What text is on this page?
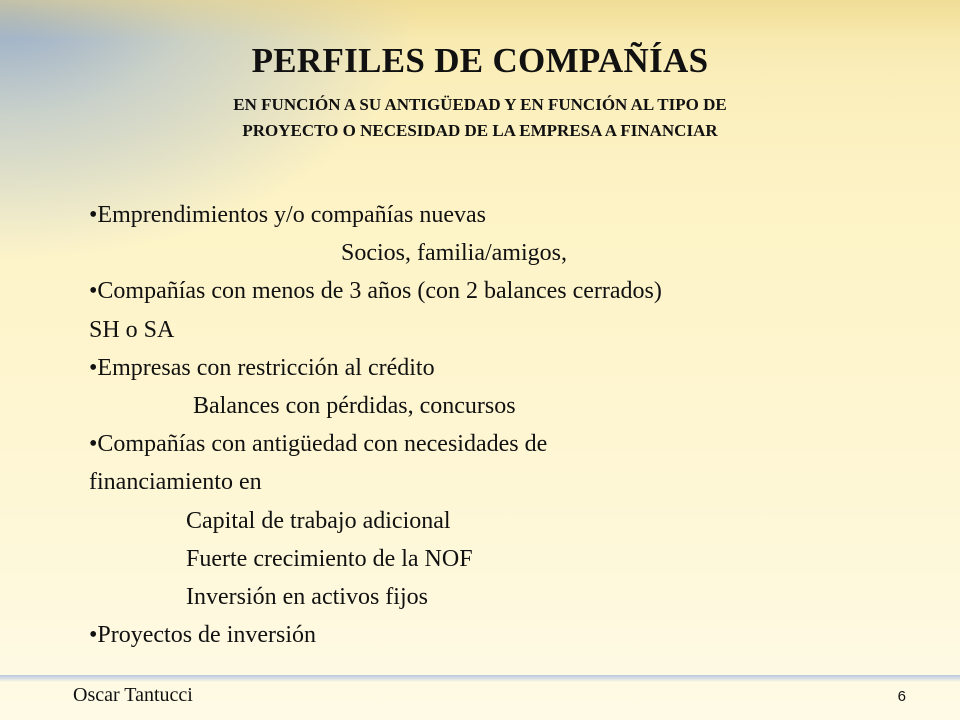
PERFILES DE COMPAÑÍAS
EN FUNCIÓN A SU ANTIGÜEDAD Y EN FUNCIÓN AL TIPO DE
PROYECTO O NECESIDAD DE LA EMPRESA A FINANCIAR
•Emprendimientos y/o compañías nuevas
Socios, familia/amigos,
•Compañías con menos de 3 años (con 2 balances cerrados)
SH o SA
•Empresas con restricción al crédito
Balances con pérdidas, concursos
•Compañías con antigüedad con necesidades de
financiamiento en
Capital de trabajo adicional
Fuerte crecimiento de la NOF
Inversión en activos fijos
•Proyectos de inversión
Oscar Tantucci	6
